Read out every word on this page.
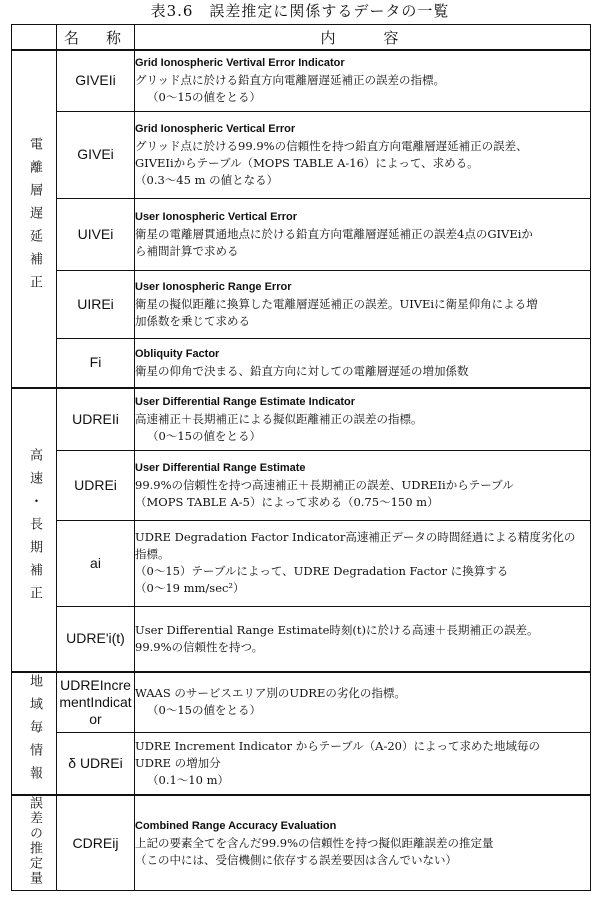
表3.6　誤差推定に関係するデータの一覧
	名　称	内　　容
電離層遅延補正	GIVEIi	Grid Ionospheric Vertival Error Indicator
グリッド点に於ける鉛直方向電離層遅延補正の誤差の指標。
（0～15の値をとる）

	GIVEi	Grid Ionospheric Vertical Error
グリッド点に於ける99.9%の信頼性を持つ鉛直方向電離層遅延補正の誤差、
GIVEIiからテーブル（MOPS TABLE A-16）によって、求める。
（0.3～45 m の値となる）

	UIVEi	User Ionospheric Vertical Error
衛星の電離層貫通地点に於ける鉛直方向電離層遅延補正の誤差4点のGIVEiか
ら補間計算で求める

	UIREi	User Ionospheric Range Error
衛星の擬似距離に換算した電離層遅延補正の誤差。UIVEiに衛星仰角による増
加係数を乗じて求める

	Fi	Obliquity Factor
衛星の仰角で決まる、鉛直方向に対しての電離層遅延の増加係数

高速・長期補正	UDREIi	User Differential Range Estimate Indicator
高速補正＋長期補正による擬似距離補正の誤差の指標。
（0～15の値をとる）

	UDREi	User Differential Range Estimate
99.9%の信頼性を持つ高速補正＋長期補正の誤差、UDREIiからテーブル
（MOPS TABLE A-5）によって求める（0.75～150 m）

	ai	UDRE Degradation Factor Indicator高速補正データの時間経過による精度劣化の
指標。
（0～15）テーブルによって、UDRE Degradation Factor に換算する
（0～19 mm/sec²）

	UDRE'i(t)	User Differential Range Estimate時刻(t)に於ける高速＋長期補正の誤差。
99.9%の信頼性を持つ。

地域毎情報	UDREIncrementIndicator	WAAS のサービスエリア別のUDREの劣化の指標。
（0～15の値をとる）

	δ UDREi	UDRE Increment Indicator からテーブル（A-20）によって求めた地域毎の
UDRE の増加分
（0.1～10 m）

誤差の推定量	CDREij	Combined Range Accuracy Evaluation
上記の要素全てを含んだ99.9%の信頼性を持つ擬似距離誤差の推定量
（この中には、受信機側に依存する誤差要因は含んでいない）
